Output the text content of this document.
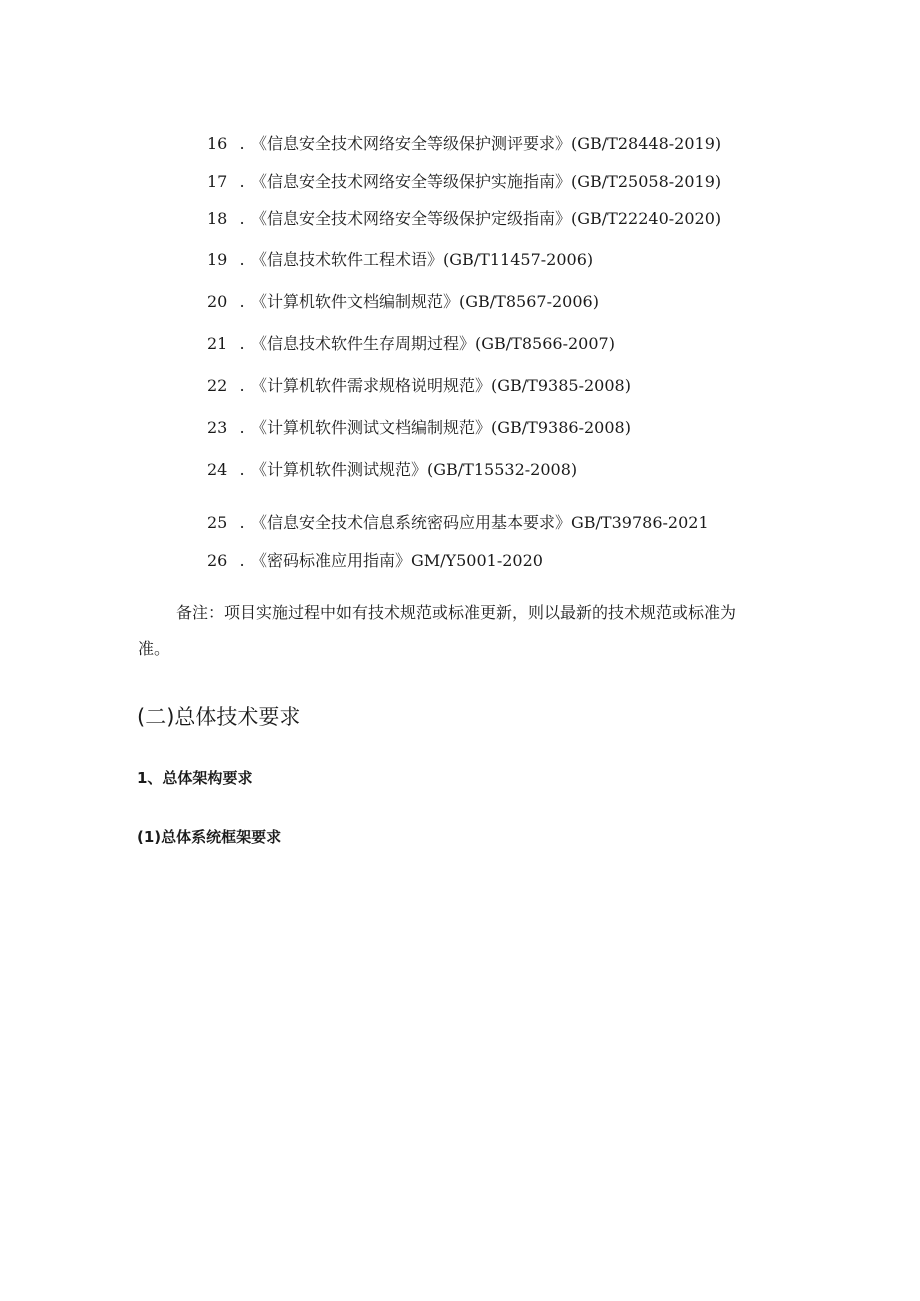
16 . 《信息安全技术网络安全等级保护测评要求》(GB/T28448-2019)
17 . 《信息安全技术网络安全等级保护实施指南》(GB/T25058-2019)
18 . 《信息安全技术网络安全等级保护定级指南》(GB/T22240-2020)
19 . 《信息技术软件工程术语》(GB/T11457-2006)
20 . 《计算机软件文档编制规范》(GB/T8567-2006)
21 . 《信息技术软件生存周期过程》(GB/T8566-2007)
22 . 《计算机软件需求规格说明规范》(GB/T9385-2008)
23 . 《计算机软件测试文档编制规范》(GB/T9386-2008)
24 . 《计算机软件测试规范》(GB/T15532-2008)
25 . 《信息安全技术信息系统密码应用基本要求》GB/T39786-2021
26 . 《密码标准应用指南》GM/Y5001-2020
备注：项目实施过程中如有技术规范或标准更新，则以最新的技术规范或标准为
准。
(二)总体技术要求
1、总体架构要求
(1)总体系统框架要求
